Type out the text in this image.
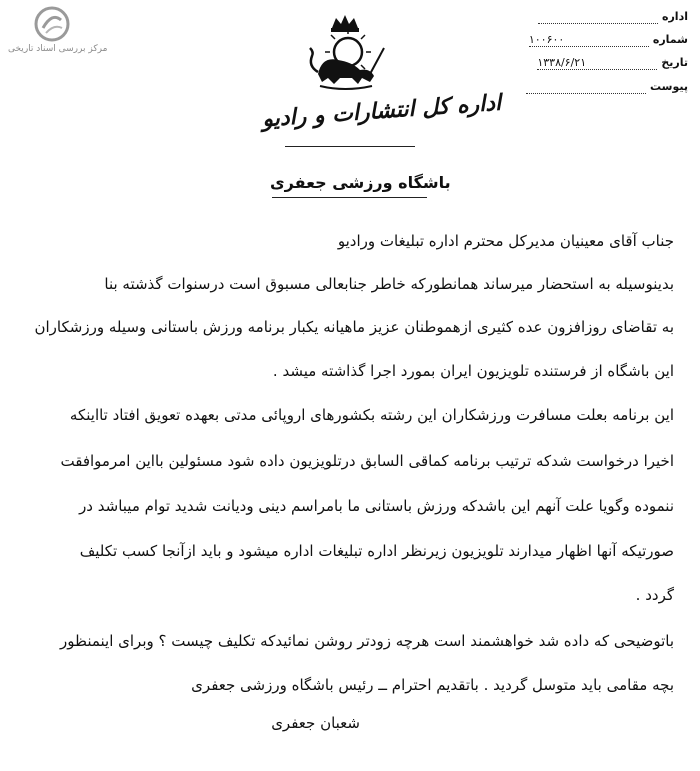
مرکز بررسی اسناد تاریخی
اداره کل انتشارات و رادیو
اداره
شماره۱۰۰۶۰۰
تاریخ۱۳۳۸/۶/۲۱
پیوست
باشگاه ورزشی جعفری
جناب آقای معینیان مدیرکل محترم اداره تبلیغات ورادیو
بدینوسیله به استحضار میرساند همانطورکه خاطر جنابعالی مسبوق است درسنوات گذشته بنا
به تقاضای روزافزون عده کثیری ازهموطنان عزیز ماهیانه یکبار برنامه ورزش باستانی وسیله ورزشکاران
این باشگاه از فرستنده تلویزیون ایران بمورد اجرا گذاشته میشد .
این برنامه بعلت مسافرت ورزشکاران این رشته بکشورهای اروپائی مدتی بعهده تعویق افتاد تااینکه
اخیرا درخواست شدکه ترتیب برنامه کماقی السابق درتلویزیون داده شود مسئولین بااین امرموافقت
ننموده وگویا علت آنهم این باشدکه ورزش باستانی ما بامراسم دینی ودیانت شدید توام میباشد در
صورتیکه آنها اظهار میدارند تلویزیون زیرنظر اداره تبلیغات اداره میشود و باید ازآنجا کسب تکلیف
گردد .
باتوضیحی که داده شد خواهشمند است هرچه زودتر روشن نمائیدکه تکلیف چیست ؟ وبرای اینمنظور
بچه مقامی باید متوسل گردید . باتقدیم احترام ــ رئیس باشگاه ورزشی جعفری
شعبان جعفری
